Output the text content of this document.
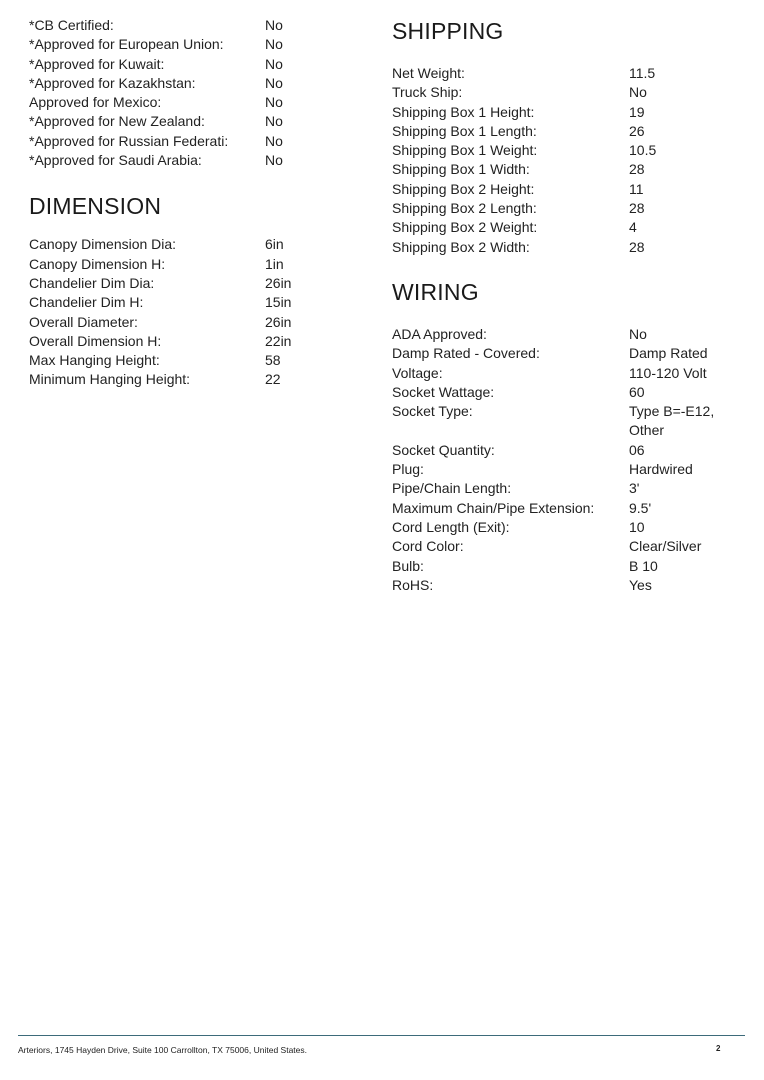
*CB Certified:	No
*Approved for European Union:	No
*Approved for Kuwait:	No
*Approved for Kazakhstan:	No
Approved for Mexico:	No
*Approved for New Zealand:	No
*Approved for Russian Federati:	No
*Approved for Saudi Arabia:	No
DIMENSION
Canopy Dimension Dia:	6in
Canopy Dimension H:	1in
Chandelier Dim Dia:	26in
Chandelier Dim H:	15in
Overall Diameter:	26in
Overall Dimension H:	22in
Max Hanging Height:	58
Minimum Hanging Height:	22
SHIPPING
Net Weight:	11.5
Truck Ship:	No
Shipping Box 1 Height:	19
Shipping Box 1 Length:	26
Shipping Box 1 Weight:	10.5
Shipping Box 1 Width:	28
Shipping Box 2 Height:	11
Shipping Box 2 Length:	28
Shipping Box 2 Weight:	4
Shipping Box 2 Width:	28
WIRING
ADA Approved:	No
Damp Rated - Covered:	Damp Rated
Voltage:	110-120 Volt
Socket Wattage:	60
Socket Type:	Type B=-E12,
Other
Socket Quantity:	06
Plug:	Hardwired
Pipe/Chain Length:	3'
Maximum Chain/Pipe Extension:	9.5'
Cord Length (Exit):	10
Cord Color:	Clear/Silver
Bulb:	B 10
RoHS:	Yes
Arteriors, 1745 Hayden Drive, Suite 100 Carrollton, TX 75006, United States.	2
